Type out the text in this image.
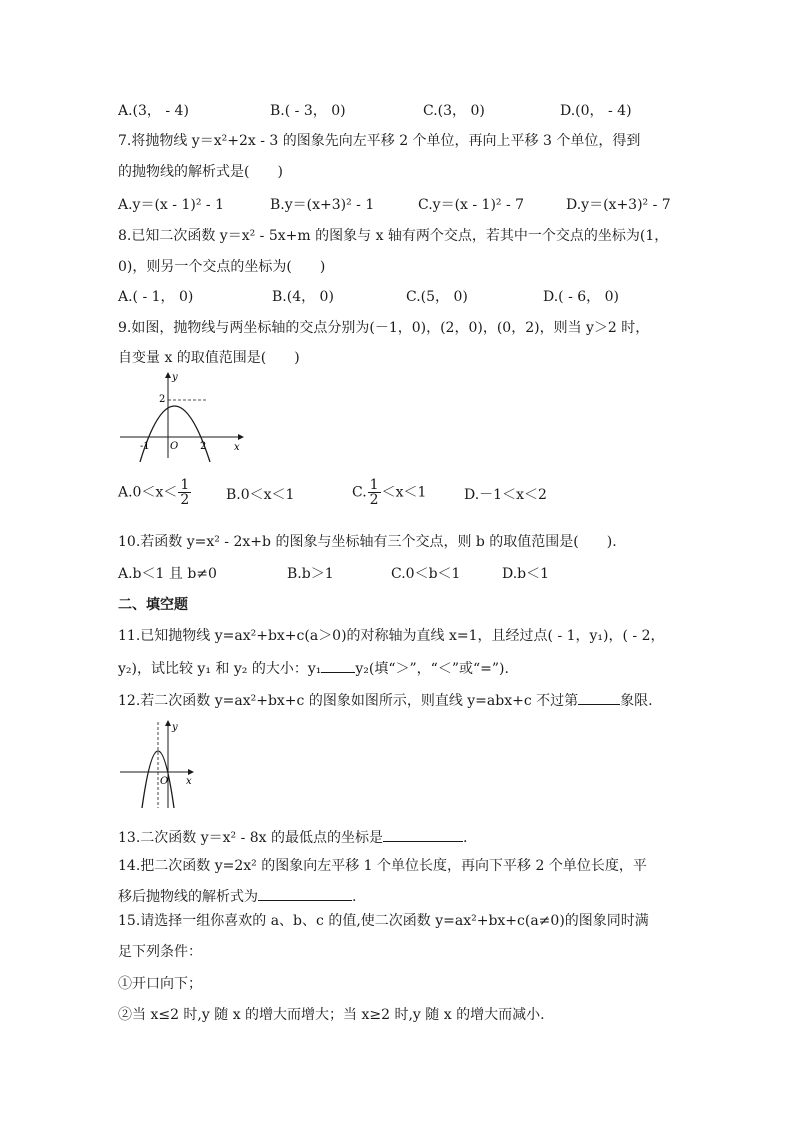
A.(3， - 4)	B.( - 3， 0)	C.(3， 0)	D.(0， - 4)
7.将抛物线 y＝x²+2x - 3 的图象先向左平移 2 个单位，再向上平移 3 个单位，得到
的抛物线的解析式是(　　)
A.y＝(x - 1)² - 1	B.y＝(x+3)² - 1	C.y＝(x - 1)² - 7	D.y＝(x+3)² - 7
8.已知二次函数 y＝x² - 5x+m 的图象与 x 轴有两个交点，若其中一个交点的坐标为(1，
0)，则另一个交点的坐标为(　　)
A.( - 1， 0)	B.(4， 0)	C.(5， 0)	D.( - 6， 0)
9.如图，抛物线与两坐标轴的交点分别为(－1，0)，(2，0)，(0，2)，则当 y＞2 时，
自变量 x 的取值范围是(　　)
y
x
O
2
-1	2
$A.0<x< \frac{1}{2} B.0<x<1$	C. $\frac{1}{2} <x<1$	D.－1＜x＜2
10.若函数 y=x² - 2x+b 的图象与坐标轴有三个交点，则 b 的取值范围是(　　).
A.b＜1 且 b≠0	B.b＞1	C.0＜b＜1	D.b＜1
二、填空题
11.已知抛物线 y=ax²+bx+c(a＞0)的对称轴为直线 x=1，且经过点( - 1，y₁)，( - 2，
y₂)，试比较 y₁ 和 y₂ 的大小：y₁ y₂(填“＞”，“＜”或“=”).
12.若二次函数 y=ax²+bx+c 的图象如图所示，则直线 y=abx+c 不过第	象限.
y
x
O
13.二次函数 y＝x² - 8x 的最低点的坐标是	.
14.把二次函数 y=2x² 的图象向左平移 1 个单位长度，再向下平移 2 个单位长度，平
移后抛物线的解析式为	.
15.请选择一组你喜欢的 a、b、c 的值,使二次函数 y=ax²+bx+c(a≠0)的图象同时满
足下列条件：
①开口向下；
②当 x≤2 时,y 随 x 的增大而增大；当 x≥2 时,y 随 x 的增大而减小.
